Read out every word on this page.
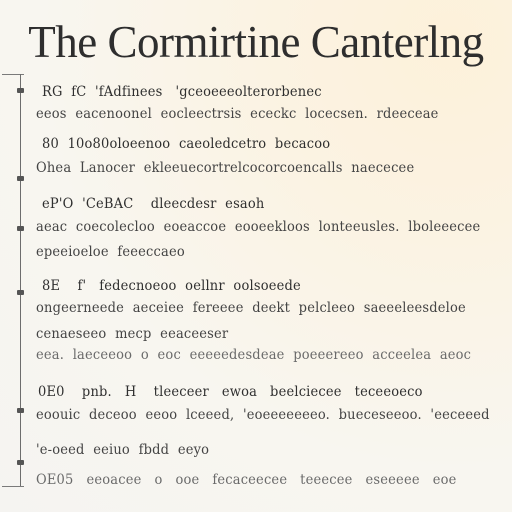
The Cormirtine Canterlng
RG  fC  'fAdfinees   'gceoeeeolterorbenec
eeos  eacenoonel  eocleectrsis  ececkc  locecsen.  rdeeceae
80  10o80oloeenoo  caeoledcetro  becacoo
Ohea  Lanocer  ekleeuecortrelcocorcoencalls  naececee
eP'O  'CeBAC    dleecdesr  esaoh
aeac  coecolecloo  eoeaccoe  eooeekloos  lonteeusles.  lboleeecee
epeeioeloe  feeeccaeo
8E    f'   fedecnoeoo  oellnr  oolsoeede
ongeerneede  aeceiee  fereeee  deekt  pelcleeo  saeeeleesdeloe
cenaeseeo  mecp  eeaceeser
eea.  laeceeoo  o  eoc  eeeeedesdeae  poeeereeo  acceelea  aeoc
0E0    pnb.   H    tleeceer   ewoa   beelciecee   teceeoeco
eoouic  deceoo  eeoo  lceeed,  'eoeeeeeeeo.  bueceseeoo.  'eeceeed
'e-oeed  eeiuo  fbdd  eeyo
OE05   eeoacee   o   ooe   fecaceecee   teeecee   eseeeee   eoe
